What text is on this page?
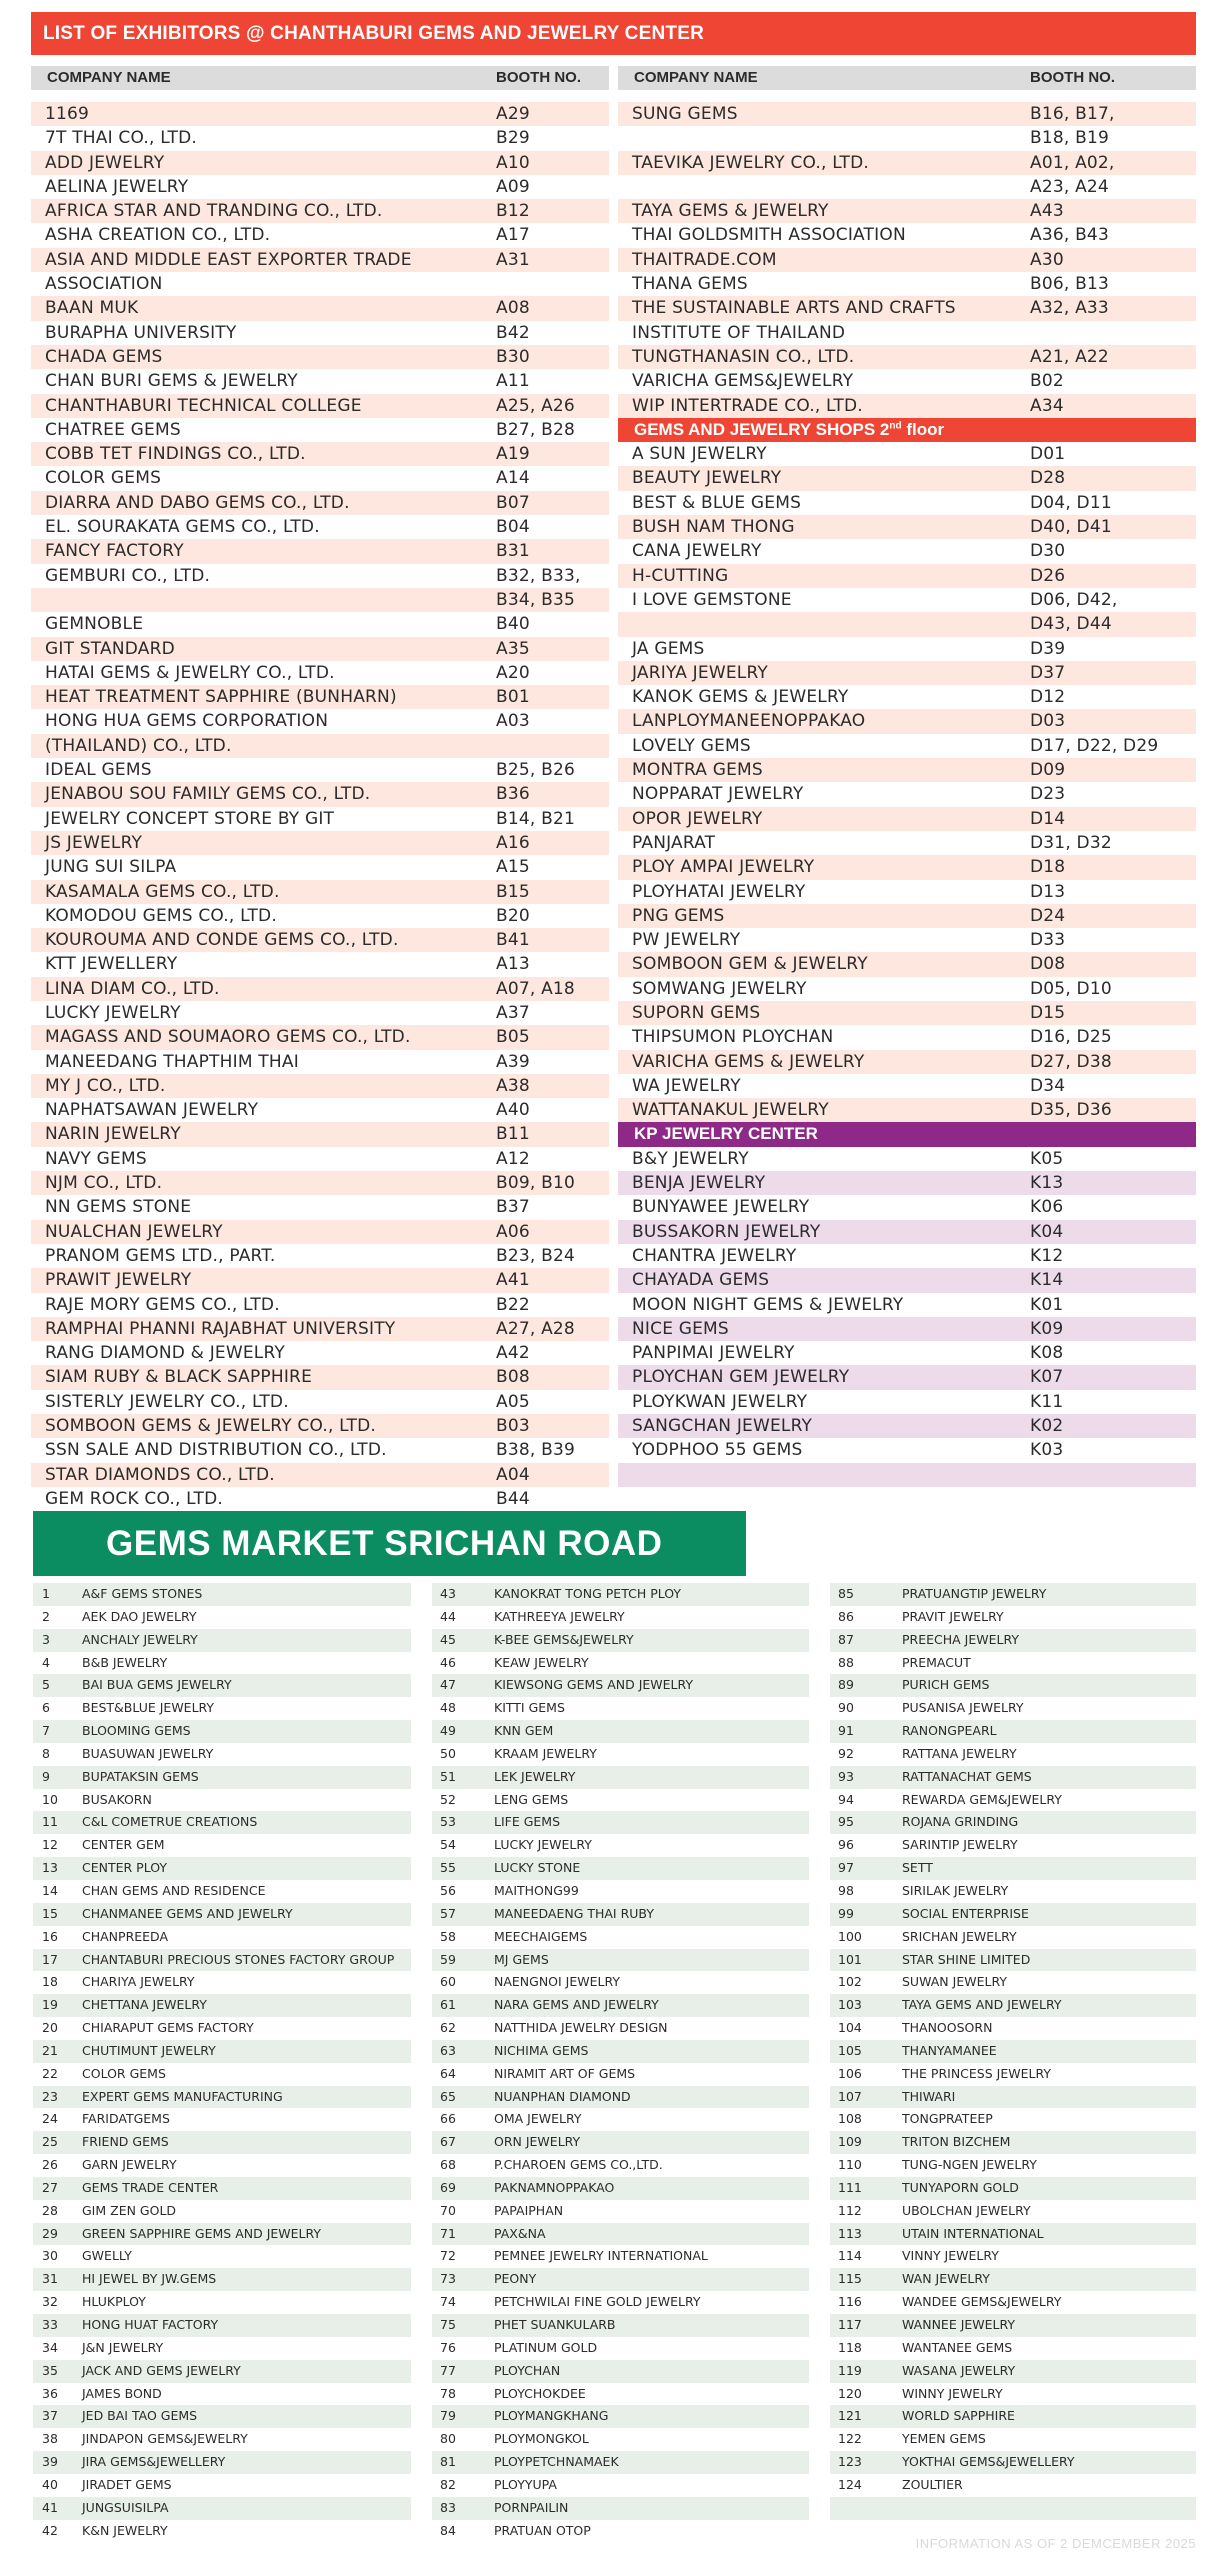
LIST OF EXHIBITORS @ CHANTHABURI GEMS AND JEWELRY CENTER
COMPANY NAME	BOOTH NO.
1169	A29
7T THAI CO., LTD.	B29
ADD JEWELRY	A10
AELINA JEWELRY	A09
AFRICA STAR AND TRANDING CO., LTD.	B12
ASHA CREATION CO., LTD.	A17
ASIA AND MIDDLE EAST EXPORTER TRADE	A31
ASSOCIATION
BAAN MUK	A08
BURAPHA UNIVERSITY	B42
CHADA GEMS	B30
CHAN BURI GEMS & JEWELRY	A11
CHANTHABURI TECHNICAL COLLEGE	A25, A26
CHATREE GEMS	B27, B28
COBB TET FINDINGS CO., LTD.	A19
COLOR GEMS	A14
DIARRA AND DABO GEMS CO., LTD.	B07
EL. SOURAKATA GEMS CO., LTD.	B04
FANCY FACTORY	B31
GEMBURI CO., LTD.	B32, B33,
B34, B35
GEMNOBLE	B40
GIT STANDARD	A35
HATAI GEMS & JEWELRY CO., LTD.	A20
HEAT TREATMENT SAPPHIRE (BUNHARN)	B01
HONG HUA GEMS CORPORATION	A03
(THAILAND) CO., LTD.
IDEAL GEMS	B25, B26
JENABOU SOU FAMILY GEMS CO., LTD.	B36
JEWELRY CONCEPT STORE BY GIT	B14, B21
JS JEWELRY	A16
JUNG SUI SILPA	A15
KASAMALA GEMS CO., LTD.	B15
KOMODOU GEMS CO., LTD.	B20
KOUROUMA AND CONDE GEMS CO., LTD.	B41
KTT JEWELLERY	A13
LINA DIAM CO., LTD.	A07, A18
LUCKY JEWELRY	A37
MAGASS AND SOUMAORO GEMS CO., LTD.	B05
MANEEDANG THAPTHIM THAI	A39
MY J CO., LTD.	A38
NAPHATSAWAN JEWELRY	A40
NARIN JEWELRY	B11
NAVY GEMS	A12
NJM CO., LTD.	B09, B10
NN GEMS STONE	B37
NUALCHAN JEWELRY	A06
PRANOM GEMS LTD., PART.	B23, B24
PRAWIT JEWELRY	A41
RAJE MORY GEMS CO., LTD.	B22
RAMPHAI PHANNI RAJABHAT UNIVERSITY	A27, A28
RANG DIAMOND & JEWELRY	A42
SIAM RUBY & BLACK SAPPHIRE	B08
SISTERLY JEWELRY CO., LTD.	A05
SOMBOON GEMS & JEWELRY CO., LTD.	B03
SSN SALE AND DISTRIBUTION CO., LTD.	B38, B39
STAR DIAMONDS CO., LTD.	A04
GEM ROCK CO., LTD.	B44
COMPANY NAME	BOOTH NO.
SUNG GEMS	B16, B17,
B18, B19
TAEVIKA JEWELRY CO., LTD.	A01, A02,
A23, A24
TAYA GEMS & JEWELRY	A43
THAI GOLDSMITH ASSOCIATION	A36, B43
THAITRADE.COM	A30
THANA GEMS	B06, B13
THE SUSTAINABLE ARTS AND CRAFTS	A32, A33
INSTITUTE OF THAILAND
TUNGTHANASIN CO., LTD.	A21, A22
VARICHA GEMS&JEWELRY	B02
WIP INTERTRADE CO., LTD.	A34
GEMS AND JEWELRY SHOPS 2nd floor
A SUN JEWELRY	D01
BEAUTY JEWELRY	D28
BEST & BLUE GEMS	D04, D11
BUSH NAM THONG	D40, D41
CANA JEWELRY	D30
H-CUTTING	D26
I LOVE GEMSTONE	D06, D42,
D43, D44
JA GEMS	D39
JARIYA JEWELRY	D37
KANOK GEMS & JEWELRY	D12
LANPLOYMANEENOPPAKAO	D03
LOVELY GEMS	D17, D22, D29
MONTRA GEMS	D09
NOPPARAT JEWELRY	D23
OPOR JEWELRY	D14
PANJARAT	D31, D32
PLOY AMPAI JEWELRY	D18
PLOYHATAI JEWELRY	D13
PNG GEMS	D24
PW JEWELRY	D33
SOMBOON GEM & JEWELRY	D08
SOMWANG JEWELRY	D05, D10
SUPORN GEMS	D15
THIPSUMON PLOYCHAN	D16, D25
VARICHA GEMS & JEWELRY	D27, D38
WA JEWELRY	D34
WATTANAKUL JEWELRY	D35, D36
KP JEWELRY CENTER
B&Y JEWELRY	K05
BENJA JEWELRY	K13
BUNYAWEE JEWELRY	K06
BUSSAKORN JEWELRY	K04
CHANTRA JEWELRY	K12
CHAYADA GEMS	K14
MOON NIGHT GEMS & JEWELRY	K01
NICE GEMS	K09
PANPIMAI JEWELRY	K08
PLOYCHAN GEM JEWELRY	K07
PLOYKWAN JEWELRY	K11
SANGCHAN JEWELRY	K02
YODPHOO 55 GEMS	K03
GEMS MARKET SRICHAN ROAD
1	A&F GEMS STONES
2	AEK DAO JEWELRY
3	ANCHALY JEWELRY
4	B&B JEWELRY
5	BAI BUA GEMS JEWELRY
6	BEST&BLUE JEWELRY
7	BLOOMING GEMS
8	BUASUWAN JEWELRY
9	BUPATAKSIN GEMS
10	BUSAKORN
11	C&L COMETRUE CREATIONS
12	CENTER GEM
13	CENTER PLOY
14	CHAN GEMS AND RESIDENCE
15	CHANMANEE GEMS AND JEWELRY
16	CHANPREEDA
17	CHANTABURI PRECIOUS STONES FACTORY GROUP
18	CHARIYA JEWELRY
19	CHETTANA JEWELRY
20	CHIARAPUT GEMS FACTORY
21	CHUTIMUNT JEWELRY
22	COLOR GEMS
23	EXPERT GEMS MANUFACTURING
24	FARIDATGEMS
25	FRIEND GEMS
26	GARN JEWELRY
27	GEMS TRADE CENTER
28	GIM ZEN GOLD
29	GREEN SAPPHIRE GEMS AND JEWELRY
30	GWELLY
31	HI JEWEL BY JW.GEMS
32	HLUKPLOY
33	HONG HUAT FACTORY
34	J&N JEWELRY
35	JACK AND GEMS JEWELRY
36	JAMES BOND
37	JED BAI TAO GEMS
38	JINDAPON GEMS&JEWELRY
39	JIRA GEMS&JEWELLERY
40	JIRADET GEMS
41	JUNGSUISILPA
42	K&N JEWELRY
43	KANOKRAT TONG PETCH PLOY
44	KATHREEYA JEWELRY
45	K-BEE GEMS&JEWELRY
46	KEAW JEWELRY
47	KIEWSONG GEMS AND JEWELRY
48	KITTI GEMS
49	KNN GEM
50	KRAAM JEWELRY
51	LEK JEWELRY
52	LENG GEMS
53	LIFE GEMS
54	LUCKY JEWELRY
55	LUCKY STONE
56	MAITHONG99
57	MANEEDAENG THAI RUBY
58	MEECHAIGEMS
59	MJ GEMS
60	NAENGNOI JEWELRY
61	NARA GEMS AND JEWELRY
62	NATTHIDA JEWELRY DESIGN
63	NICHIMA GEMS
64	NIRAMIT ART OF GEMS
65	NUANPHAN DIAMOND
66	OMA JEWELRY
67	ORN JEWELRY
68	P.CHAROEN GEMS CO.,LTD.
69	PAKNAMNOPPAKAO
70	PAPAIPHAN
71	PAX&NA
72	PEMNEE JEWELRY INTERNATIONAL
73	PEONY
74	PETCHWILAI FINE GOLD JEWELRY
75	PHET SUANKULARB
76	PLATINUM GOLD
77	PLOYCHAN
78	PLOYCHOKDEE
79	PLOYMANGKHANG
80	PLOYMONGKOL
81	PLOYPETCHNAMAEK
82	PLOYYUPA
83	PORNPAILIN
84	PRATUAN OTOP
85	PRATUANGTIP JEWELRY
86	PRAVIT JEWELRY
87	PREECHA JEWELRY
88	PREMACUT
89	PURICH GEMS
90	PUSANISA JEWELRY
91	RANONGPEARL
92	RATTANA JEWELRY
93	RATTANACHAT GEMS
94	REWARDA GEM&JEWELRY
95	ROJANA GRINDING
96	SARINTIP JEWELRY
97	SETT
98	SIRILAK JEWELRY
99	SOCIAL ENTERPRISE
100	SRICHAN JEWELRY
101	STAR SHINE LIMITED
102	SUWAN JEWELRY
103	TAYA GEMS AND JEWELRY
104	THANOOSORN
105	THANYAMANEE
106	THE PRINCESS JEWELRY
107	THIWARI
108	TONGPRATEEP
109	TRITON BIZCHEM
110	TUNG-NGEN JEWELRY
111	TUNYAPORN GOLD
112	UBOLCHAN JEWELRY
113	UTAIN INTERNATIONAL
114	VINNY JEWELRY
115	WAN JEWELRY
116	WANDEE GEMS&JEWELRY
117	WANNEE JEWELRY
118	WANTANEE GEMS
119	WASANA JEWELRY
120	WINNY JEWELRY
121	WORLD SAPPHIRE
122	YEMEN GEMS
123	YOKTHAI GEMS&JEWELLERY
124	ZOULTIER
INFORMATION AS OF 2 DEMCEMBER 2025
